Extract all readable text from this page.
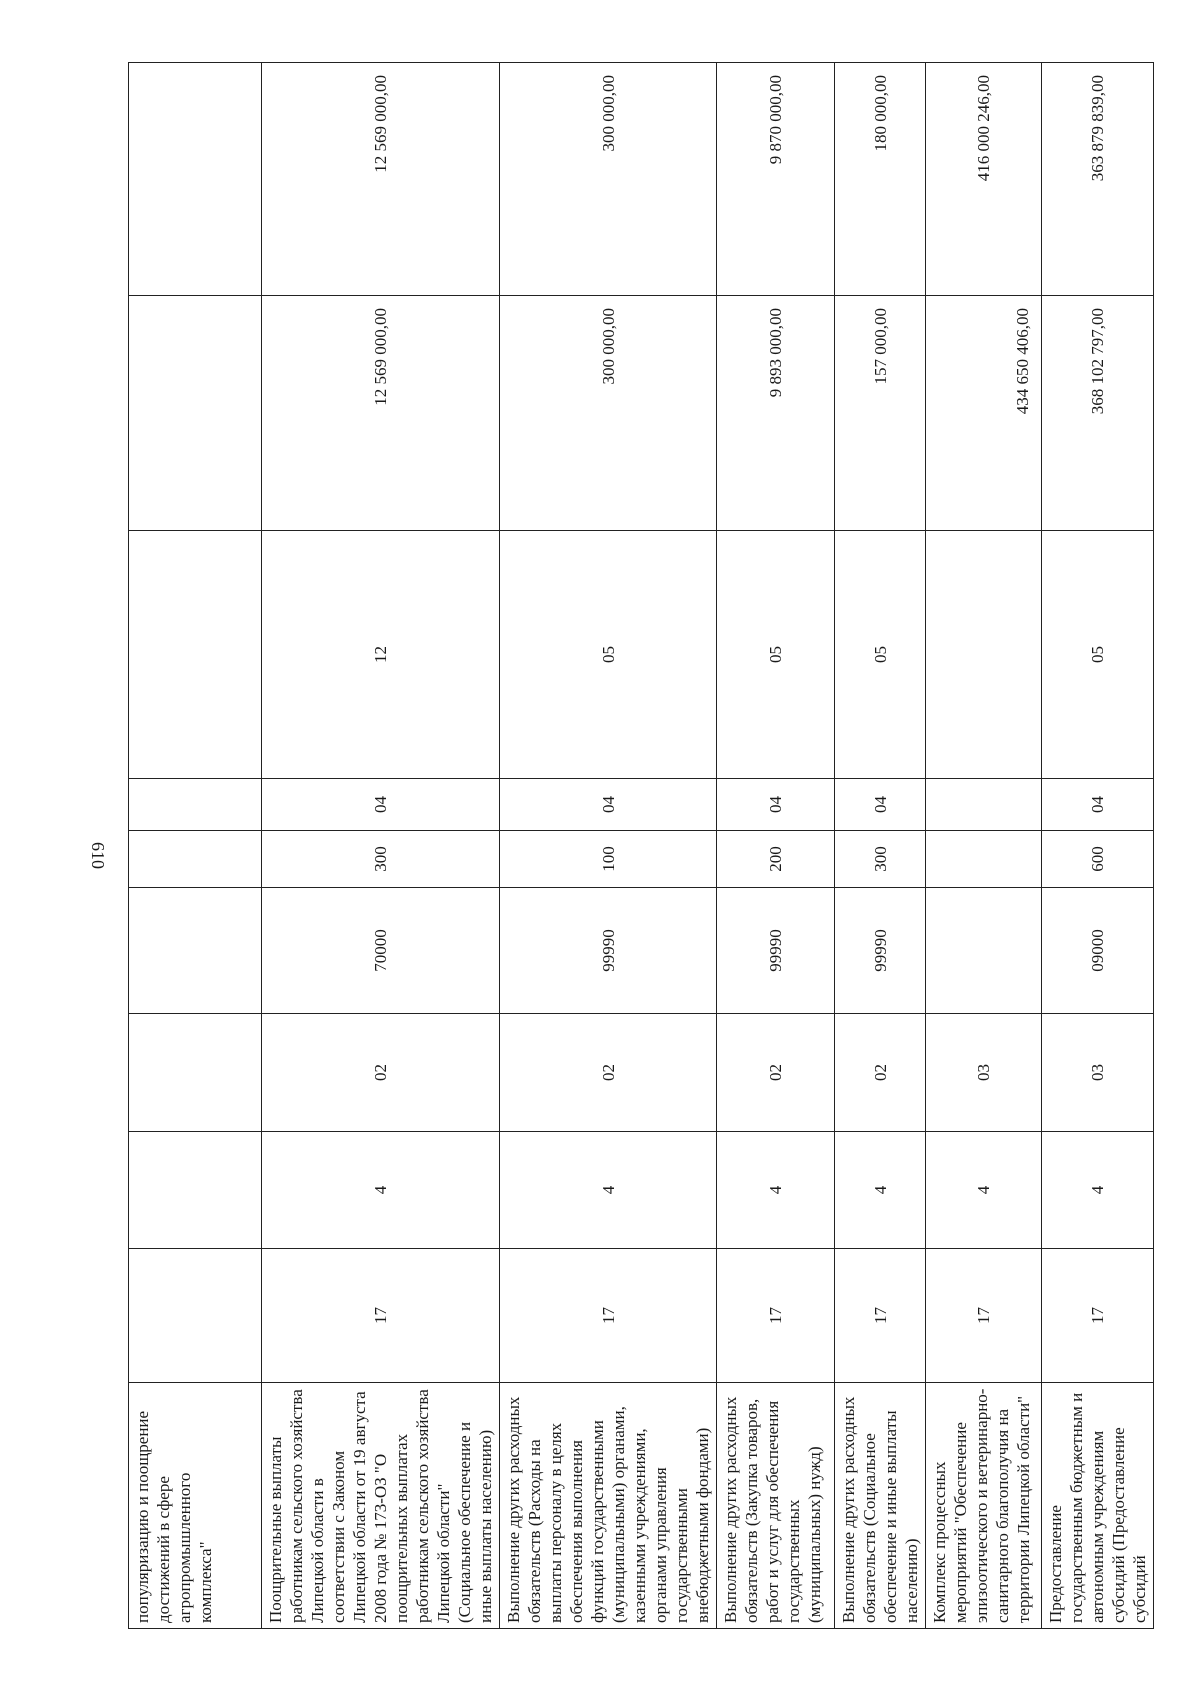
610
популяризацию и поощрение достижений в сфере агропромышленного комплекса"										
Поощрительные выплаты работникам сельского хозяйства Липецкой области в соответствии с Законом Липецкой области от 19 августа 2008 года № 173-ОЗ "О поощрительных выплатах работникам сельского хозяйства Липецкой области" (Социальное обеспечение и иные выплаты населению)	17	4	02	70000	300	04	12	12 569 000,00	12 569 000,00	
Выполнение других расходных обязательств (Расходы на выплаты персоналу в целях обеспечения выполнения функций государственными (муниципальными) органами, казенными учреждениями, органами управления государственными внебюджетными фондами)	17	4	02	99990	100	04	05	300 000,00	300 000,00	
Выполнение других расходных обязательств (Закупка товаров, работ и услуг для обеспечения государственных (муниципальных) нужд)	17	4	02	99990	200	04	05	9 893 000,00	9 870 000,00	
Выполнение других расходных обязательств (Социальное обеспечение и иные выплаты населению)	17	4	02	99990	300	04	05	157 000,00	180 000,00	
Комплекс процессных мероприятий "Обеспечение эпизоотического и ветеринарно-санитарного благополучия на территории Липецкой области"	17	4	03					434 650 406,00	416 000 246,00	
Предоставление государственным бюджетным и автономным учреждениям субсидий (Предоставление субсидий	17	4	03	09000	600	04	05	368 102 797,00	363 879 839,00	
